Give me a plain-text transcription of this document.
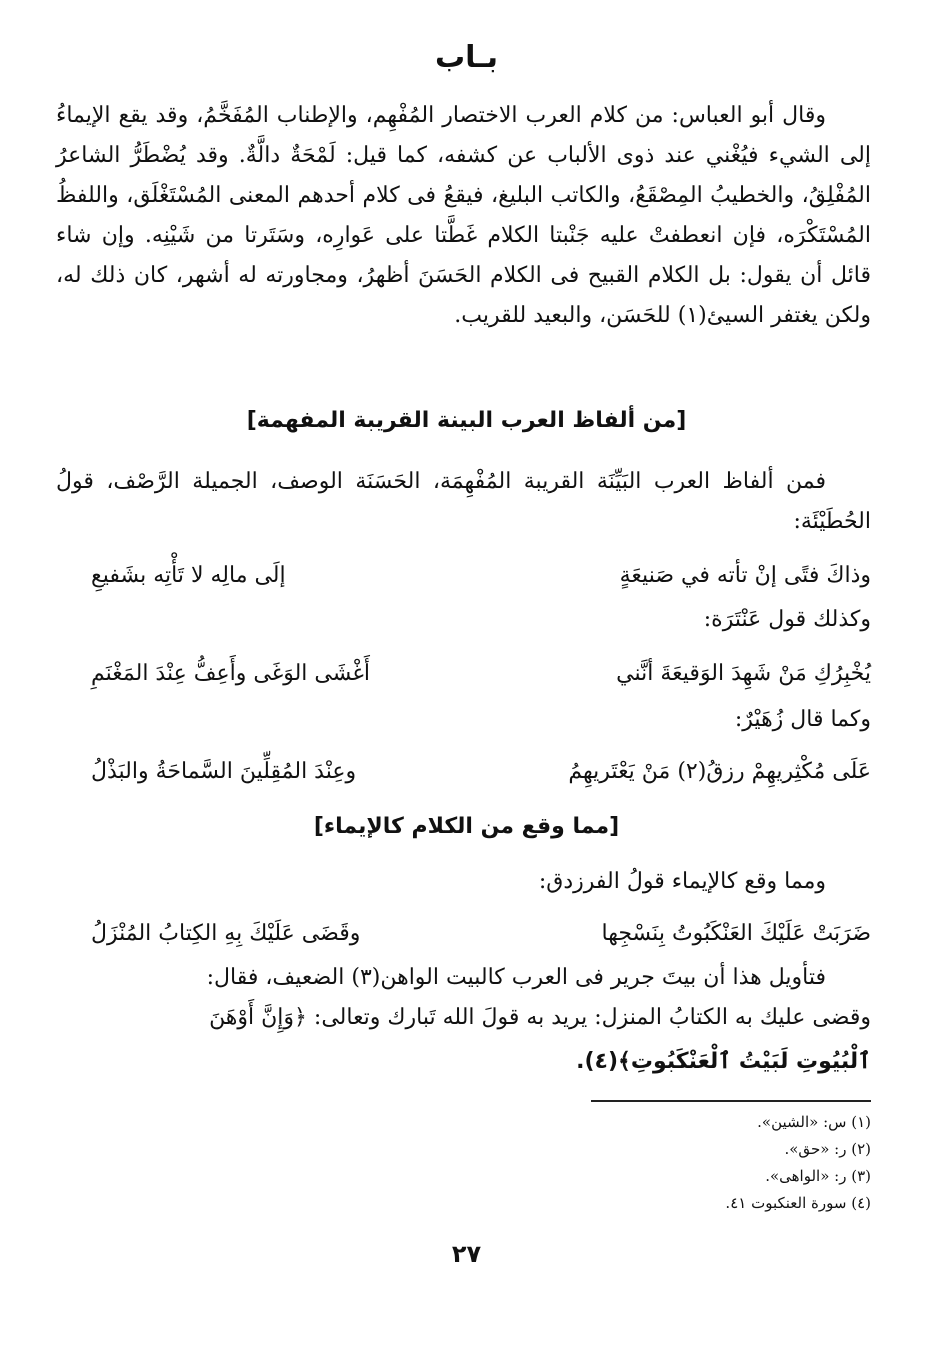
بـاب
وقال أبو العباس: من كلام العرب الاختصار المُفْهِم، والإطناب المُفَخَّمُ، وقد يقع الإيماءُ إلى الشيء فيُغْني عند ذوى الألباب عن كشفه، كما قيل: لَمْحَةٌ دالَّةٌ. وقد يُضْطَرُّ الشاعرُ المُفْلِقُ، والخطيبُ المِصْقَعُ، والكاتب البليغ، فيقعُ فى كلام أحدهم المعنى المُسْتَغْلَق، واللفظُ المُسْتَكْرَه، فإن انعطفتْ عليه جَنْبتا الكلام غَطَّتا على عَوارِه، وسَتَرتا من شَيْنِه. وإن شاء قائل أن يقول: بل الكلام القبيح فى الكلام الحَسَنَ أظهرُ، ومجاورته له أشهر، كان ذلك له، ولكن يغتفر السيئ(١) للحَسَن، والبعيد للقريب.
[من ألفاظ العرب البينة القريبة المفهمة]
فمن ألفاظ العرب البَيِّنَة القريبة المُفْهِمَة، الحَسَنَة الوصف، الجميلة الرَّصْف، قولُ الحُطَيْئَة:
وذاكَ فتًى إنْ تأته في صَنيعَةٍ
إلَى مالِه لا تَأْتِه بشَفيعِ
وكذلك قول عَنْتَرَة:
يُخْبِرُكِ مَنْ شَهِدَ الوَقيعَةَ أنَّني
أَغْشَى الوَغَى وأَعِفُّ عِنْدَ المَغْنَمِ
وكما قال زُهَيْرٌ:
عَلَى مُكْثِريهِمْ رزقُ(٢) مَنْ يَعْتَريهِمُ
وعِنْدَ المُقِلِّينَ السَّماحَةُ والبَذْلُ
[مما وقع من الكلام كالإيماء]
ومما وقع كالإيماء قولُ الفرزدق:
ضَرَبَتْ عَلَيْكَ العَنْكَبُوتُ بِنَسْجِها
وقَضَى عَلَيْكَ بِهِ الكِتابُ المُنْزَلُ
فتأويل هذا أن بيتَ جرير فى العرب كالبيت الواهن(٣) الضعيف، فقال:
وقضى عليك به الكتابُ المنزل: يريد به قولَ الله تَبارك وتعالى: ﴿وَإِنَّ أَوْهَنَ
ٱلْبُيُوتِ لَبَيْتُ ٱلْعَنْكَبُوتِ﴾(٤).
(١) س: «الشين».
(٢) ر: «حق».
(٣) ر: «الواهى».
(٤) سورة العنكبوت ٤١.
٢٧
